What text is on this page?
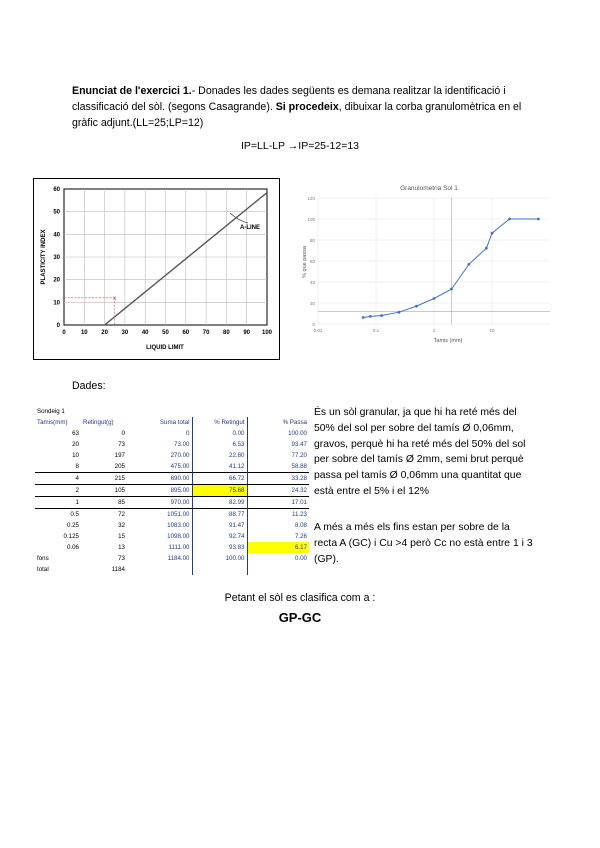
Enunciat de l'exercici 1.- Donades les dades següents es demana realitzar la identificació i classificació del sòl. (segons Casagrande). Si procedeix, dibuixar la corba granulomètrica en el gràfic adjunt.(LL=25;LP=12)
IP=LL-LP →IP=25-12=13
0	10 20 30 40 50 60 70 80 90 100
0
10
20
30
40
50
60
A-LINE
x
LIQUID LIMIT
PLASTICITY INDEX
Granulometria Sol 1
0
20
40
60
80
100
120
0.01	0.1	1	10
Tamis (mm)
% que passa
Dades:
Sondeig 1
Tamis(mm)	Retingut(g)	Suma total	% Retingut	% Passa
63	0	0	0.00	100.00
20	73	73.00	6.53	93.47
10	197	270.00	22.80	77.20
8	205	475.00	41.12	58.88
4	215	690.00	66.72	33.28
2	105	895.00	75.68	24.32
1	85	970.00	82.99	17.01
0.5	72	1051.00	88.77	11.23
0.25	32	1083.00	91.47	8.08
0.125	15	1098.00	92.74	7.26
0.06	13	1111.00	93.83	6.17
fons	73	1184.00	100.00	0.00
total	1184			
És un sòl granular, ja que hi ha reté més del 50% del sol per sobre del tamís Ø 0,06mm, gravos, perquè hi ha reté més del 50% del sol per sobre del tamís Ø 2mm, semi brut perquè passa pel tamís Ø 0,06mm una quantitat que està entre el 5% i el 12%
A més a més els fins estan per sobre de la recta A (GC) i Cu >4 però Cc no està entre 1 i 3 (GP).
Petant el sòl es clasifica com a :
GP-GC
